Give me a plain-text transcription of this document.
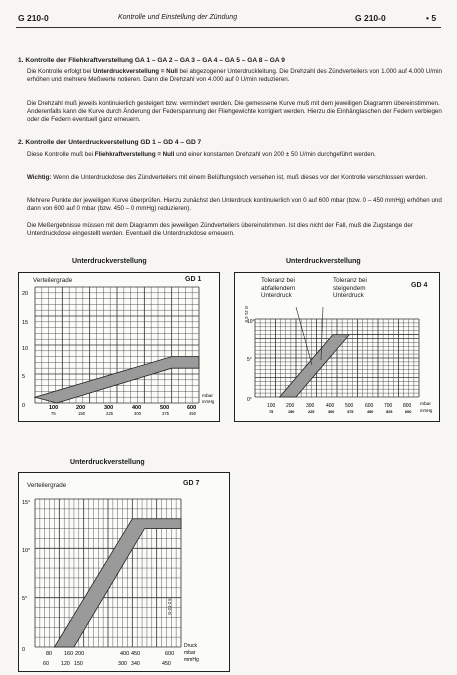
G 210-0	Kontrolle und Einstellung der Zündung	G 210-0	• 5
1. Kontrolle der Fliehkraftverstellung GA 1 – GA 2 – GA 3 – GA 4 – GA 5 – GA 8 – GA 9

Die Kontrolle erfolgt bei Unterdruckverstellung = Null bei abgezogener Unterdruckleitung. Die Drehzahl des Zündverteilers von 1.000 auf 4.000 U/min erhöhen und mehrere Meßwerte notieren. Dann die Drehzahl von 4.000 auf 0 U/min reduzieren.

Die Drehzahl muß jeweils kontinuierlich gesteigert bzw. vermindert werden. Die gemessene Kurve muß mit dem jeweiligen Diagramm übereinstimmen. Anderenfalls kann die Kurve durch Änderung der Federspannung der Fliehgewichte korrigiert werden. Hierzu die Einhänglaschen der Federn verbiegen oder die Federn eventuell ganz erneuern.

2. Kontrolle der Unterdruckverstellung GD 1 – GD 4 – GD 7

Diese Kontrolle muß bei Fliehkraftverstellung = Null und einer konstanten Drehzahl von 200 ± 50 U/min durchgeführt werden.

Wichtig: Wenn die Unterdruckdose des Zündverteilers mit einem Belüftungsloch versehen ist, muß dieses vor der Kontrolle verschlossen werden.

Mehrere Punkte der jeweiligen Kurve überprüfen. Hierzu zunächst den Unterdruck kontinuierlich von 0 auf 600 mbar (bzw. 0 – 450 mmHg) erhöhen und dann von 600 auf 0 mbar (bzw. 450 – 0 mmHg) reduzieren).

Die Meßergebnisse müssen mit dem Diagramm des jeweiligen Zündverteilers übereinstimmen. Ist dies nicht der Fall, muß die Zugstange der Unterdruckdose eingestellt werden. Eventuell die Unterdruckdose erneuern.

Unterdruckverstellung
Verteilergrade	GD 1
20
15
10
5
0	100	200	300	400	500	600
75	150	225	300	375	450
mbar
mmHg
Unterdruckverstellung
Toleranz bei abfallendem Unterdruck
Toleranz bei steigendem Unterdruck
GD 4
G 21-2 5
10°
5°
0°
100 200 300 400 500 600 700 800
75	150	225	300	375	450	525	600
mbar
mmHg
Unterdruckverstellung
Verteilergrade	GD 7
G-21-2 5
15°
10°
5°
0
80 160 200	400 450	600
60 120 150	300 340	450
Druck
mbar
mmHg
